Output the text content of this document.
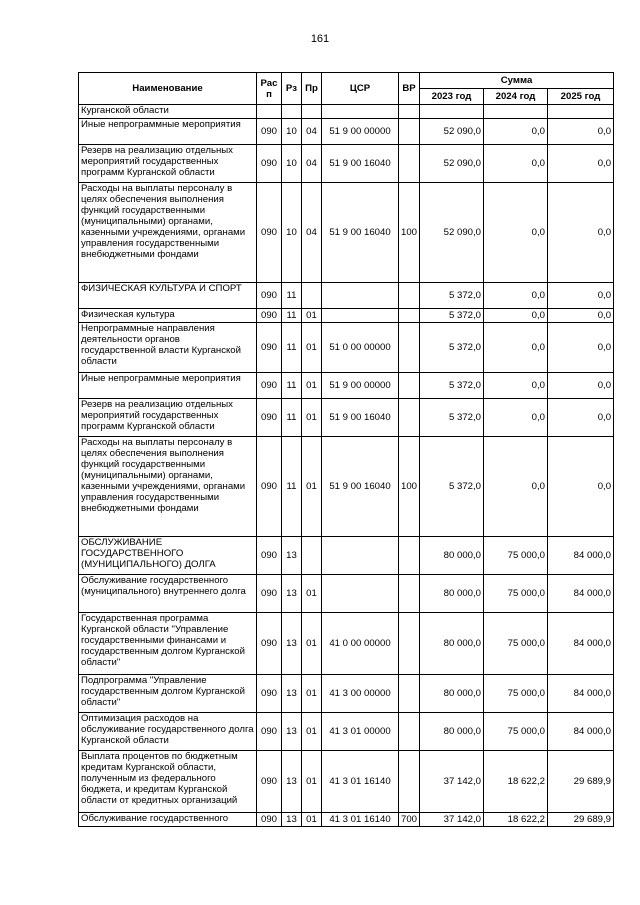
161
Наименование	Рас п	Рз	Пр	ЦСР	ВР	Сумма		
						2023 год	2024 год	2025 год
Курганской области								
Иные непрограммные мероприятия	090	10	04	51 9 00 00000		52 090,0	0,0	0,0
Резерв на реализацию отдельных мероприятий государственных программ Курганской области	090	10	04	51 9 00 16040		52 090,0	0,0	0,0
Расходы на выплаты персоналу в целях обеспечения выполнения функций государственными (муниципальными) органами, казенными учреждениями, органами управления государственными внебюджетными фондами	090	10	04	51 9 00 16040	100	52 090,0	0,0	0,0
ФИЗИЧЕСКАЯ КУЛЬТУРА И СПОРТ	090	11				5 372,0	0,0	0,0
Физическая культура	090	11	01			5 372,0	0,0	0,0
Непрограммные направления деятельности органов государственной власти Курганской области	090	11	01	51 0 00 00000		5 372,0	0,0	0,0
Иные непрограммные мероприятия	090	11	01	51 9 00 00000		5 372,0	0,0	0,0
Резерв на реализацию отдельных мероприятий государственных программ Курганской области	090	11	01	51 9 00 16040		5 372,0	0,0	0,0
Расходы на выплаты персоналу в целях обеспечения выполнения функций государственными (муниципальными) органами, казенными учреждениями, органами управления государственными внебюджетными фондами	090	11	01	51 9 00 16040	100	5 372,0	0,0	0,0
ОБСЛУЖИВАНИЕ ГОСУДАРСТВЕННОГО (МУНИЦИПАЛЬНОГО) ДОЛГА	090	13				80 000,0	75 000,0	84 000,0
Обслуживание государственного (муниципального) внутреннего долга	090	13	01			80 000,0	75 000,0	84 000,0
Государственная программа Курганской области "Управление государственными финансами и государственным долгом Курганской области"	090	13	01	41 0 00 00000		80 000,0	75 000,0	84 000,0
Подпрограмма "Управление государственным долгом Курганской области"	090	13	01	41 3 00 00000		80 000,0	75 000,0	84 000,0
Оптимизация расходов на обслуживание государственного долга Курганской области	090	13	01	41 3 01 00000		80 000,0	75 000,0	84 000,0
Выплата процентов по бюджетным кредитам Курганской области, полученным из федерального бюджета, и кредитам Курганской области от кредитных организаций	090	13	01	41 3 01 16140		37 142,0	18 622,2	29 689,9
Обслуживание государственного	090	13	01	41 3 01 16140	700	37 142,0	18 622,2	29 689,9
